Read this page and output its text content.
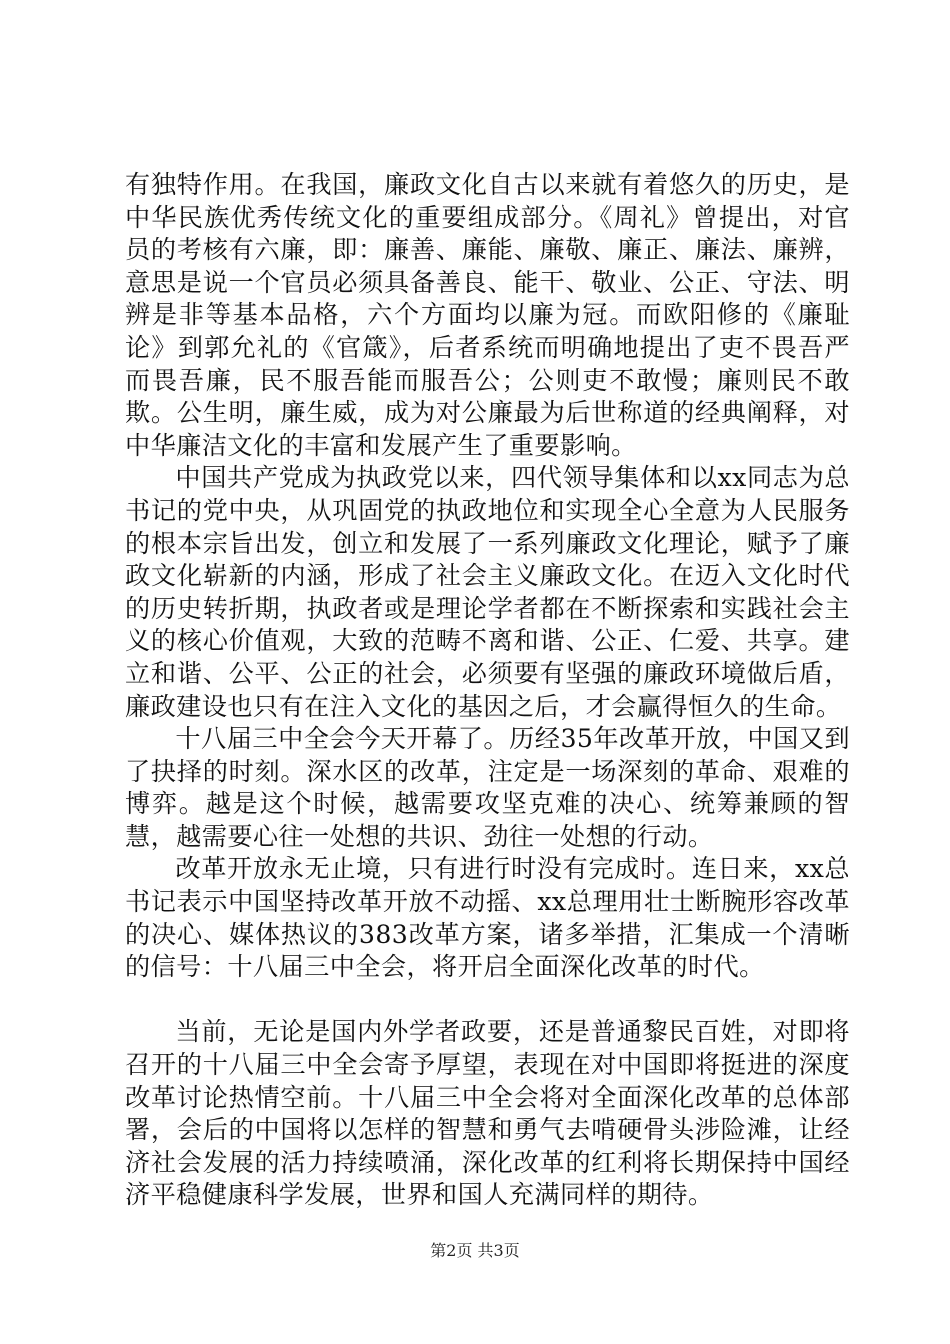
有独特作用。在我国，廉政文化自古以来就有着悠久的历史，是中华民族优秀传统文化的重要组成部分。《周礼》曾提出，对官员的考核有六廉，即：廉善、廉能、廉敬、廉正、廉法、廉辨，意思是说一个官员必须具备善良、能干、敬业、公正、守法、明辨是非等基本品格，六个方面均以廉为冠。而欧阳修的《廉耻论》到郭允礼的《官箴》，后者系统而明确地提出了吏不畏吾严而畏吾廉，民不服吾能而服吾公；公则吏不敢慢；廉则民不敢欺。公生明，廉生威，成为对公廉最为后世称道的经典阐释，对中华廉洁文化的丰富和发展产生了重要影响。

中国共产党成为执政党以来，四代领导集体和以xx同志为总书记的党中央，从巩固党的执政地位和实现全心全意为人民服务的根本宗旨出发，创立和发展了一系列廉政文化理论，赋予了廉政文化崭新的内涵，形成了社会主义廉政文化。在迈入文化时代的历史转折期，执政者或是理论学者都在不断探索和实践社会主义的核心价值观，大致的范畴不离和谐、公正、仁爱、共享。建立和谐、公平、公正的社会，必须要有坚强的廉政环境做后盾，廉政建设也只有在注入文化的基因之后，才会赢得恒久的生命。

十八届三中全会今天开幕了。历经35年改革开放，中国又到了抉择的时刻。深水区的改革，注定是一场深刻的革命、艰难的博弈。越是这个时候，越需要攻坚克难的决心、统筹兼顾的智慧，越需要心往一处想的共识、劲往一处想的行动。

改革开放永无止境，只有进行时没有完成时。连日来，xx总书记表示中国坚持改革开放不动摇、xx总理用壮士断腕形容改革的决心、媒体热议的383改革方案，诸多举措，汇集成一个清晰的信号：十八届三中全会，将开启全面深化改革的时代。

当前，无论是国内外学者政要，还是普通黎民百姓，对即将召开的十八届三中全会寄予厚望，表现在对中国即将挺进的深度改革讨论热情空前。十八届三中全会将对全面深化改革的总体部署，会后的中国将以怎样的智慧和勇气去啃硬骨头涉险滩，让经济社会发展的活力持续喷涌，深化改革的红利将长期保持中国经济平稳健康科学发展，世界和国人充满同样的期待。

第2页 共3页
